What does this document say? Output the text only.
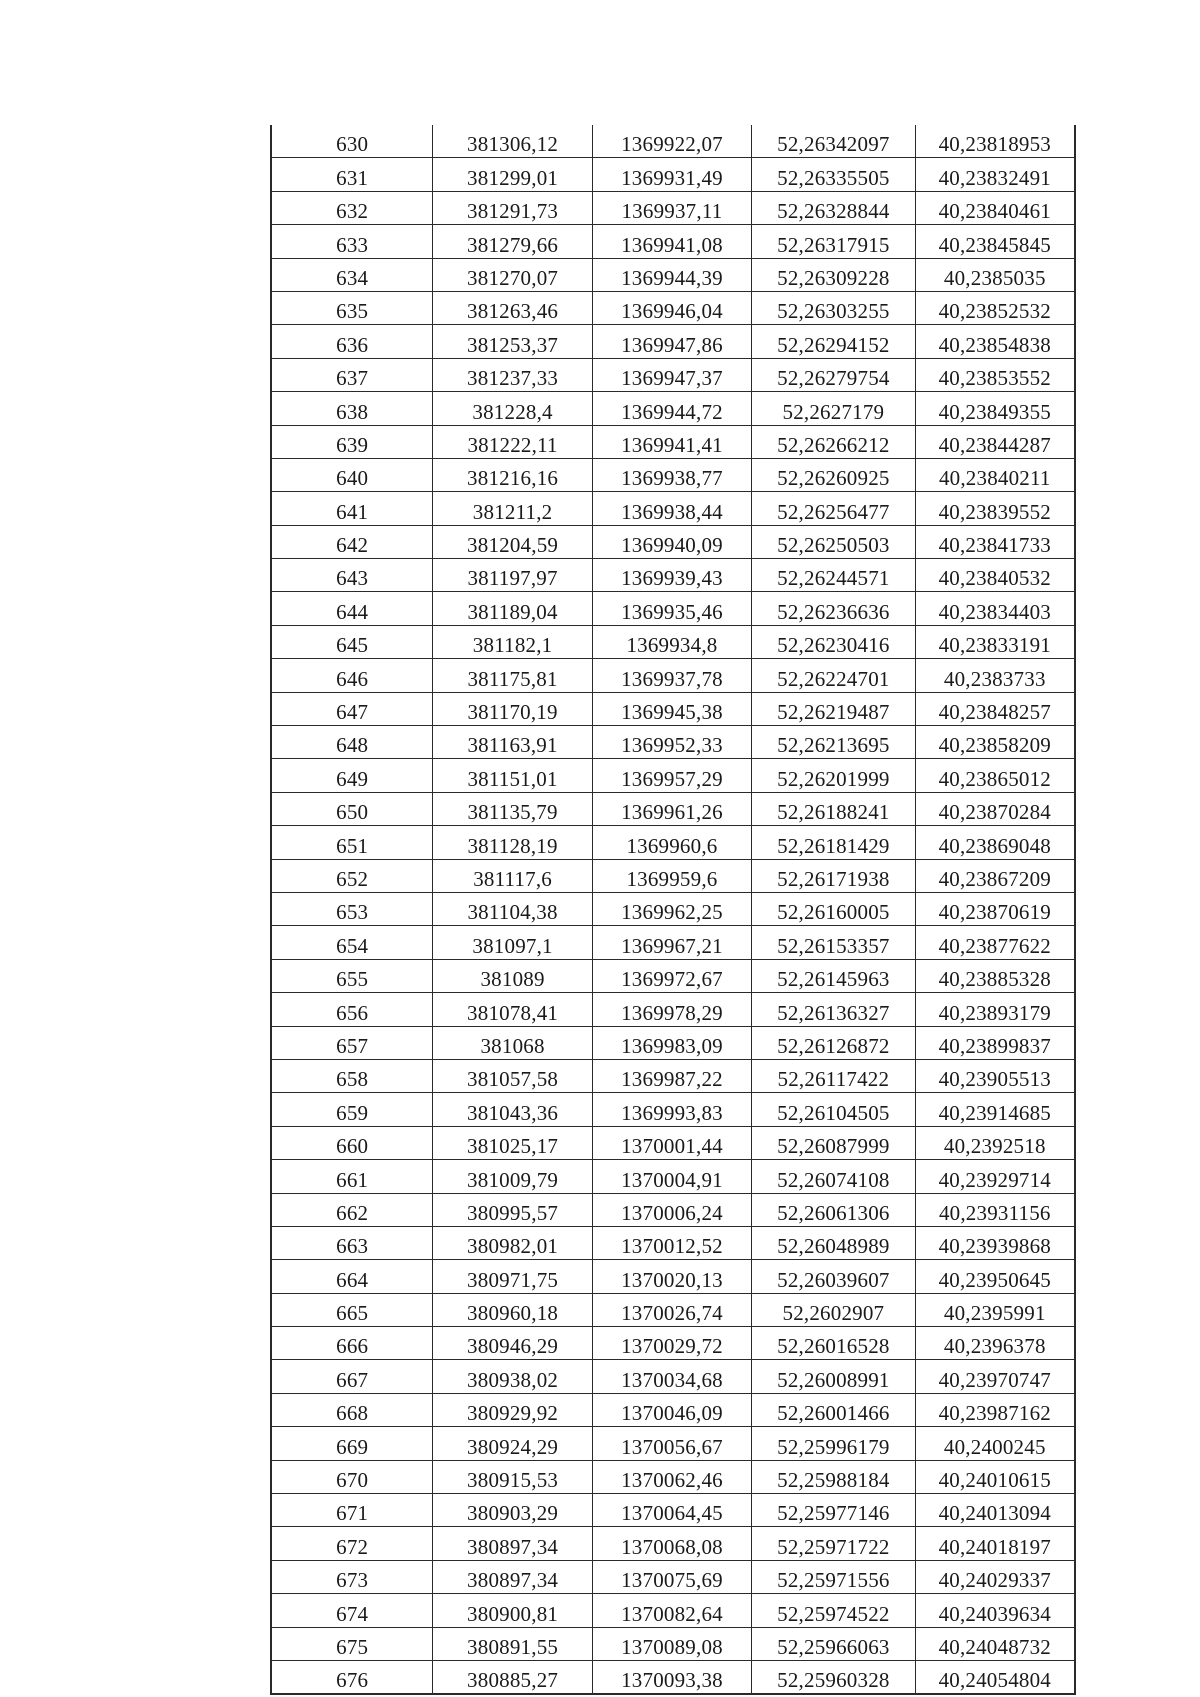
630	381306,12	1369922,07	52,26342097	40,23818953
631	381299,01	1369931,49	52,26335505	40,23832491
632	381291,73	1369937,11	52,26328844	40,23840461
633	381279,66	1369941,08	52,26317915	40,23845845
634	381270,07	1369944,39	52,26309228	40,2385035
635	381263,46	1369946,04	52,26303255	40,23852532
636	381253,37	1369947,86	52,26294152	40,23854838
637	381237,33	1369947,37	52,26279754	40,23853552
638	381228,4	1369944,72	52,2627179	40,23849355
639	381222,11	1369941,41	52,26266212	40,23844287
640	381216,16	1369938,77	52,26260925	40,23840211
641	381211,2	1369938,44	52,26256477	40,23839552
642	381204,59	1369940,09	52,26250503	40,23841733
643	381197,97	1369939,43	52,26244571	40,23840532
644	381189,04	1369935,46	52,26236636	40,23834403
645	381182,1	1369934,8	52,26230416	40,23833191
646	381175,81	1369937,78	52,26224701	40,2383733
647	381170,19	1369945,38	52,26219487	40,23848257
648	381163,91	1369952,33	52,26213695	40,23858209
649	381151,01	1369957,29	52,26201999	40,23865012
650	381135,79	1369961,26	52,26188241	40,23870284
651	381128,19	1369960,6	52,26181429	40,23869048
652	381117,6	1369959,6	52,26171938	40,23867209
653	381104,38	1369962,25	52,26160005	40,23870619
654	381097,1	1369967,21	52,26153357	40,23877622
655	381089	1369972,67	52,26145963	40,23885328
656	381078,41	1369978,29	52,26136327	40,23893179
657	381068	1369983,09	52,26126872	40,23899837
658	381057,58	1369987,22	52,26117422	40,23905513
659	381043,36	1369993,83	52,26104505	40,23914685
660	381025,17	1370001,44	52,26087999	40,2392518
661	381009,79	1370004,91	52,26074108	40,23929714
662	380995,57	1370006,24	52,26061306	40,23931156
663	380982,01	1370012,52	52,26048989	40,23939868
664	380971,75	1370020,13	52,26039607	40,23950645
665	380960,18	1370026,74	52,2602907	40,2395991
666	380946,29	1370029,72	52,26016528	40,2396378
667	380938,02	1370034,68	52,26008991	40,23970747
668	380929,92	1370046,09	52,26001466	40,23987162
669	380924,29	1370056,67	52,25996179	40,2400245
670	380915,53	1370062,46	52,25988184	40,24010615
671	380903,29	1370064,45	52,25977146	40,24013094
672	380897,34	1370068,08	52,25971722	40,24018197
673	380897,34	1370075,69	52,25971556	40,24029337
674	380900,81	1370082,64	52,25974522	40,24039634
675	380891,55	1370089,08	52,25966063	40,24048732
676	380885,27	1370093,38	52,25960328	40,24054804
